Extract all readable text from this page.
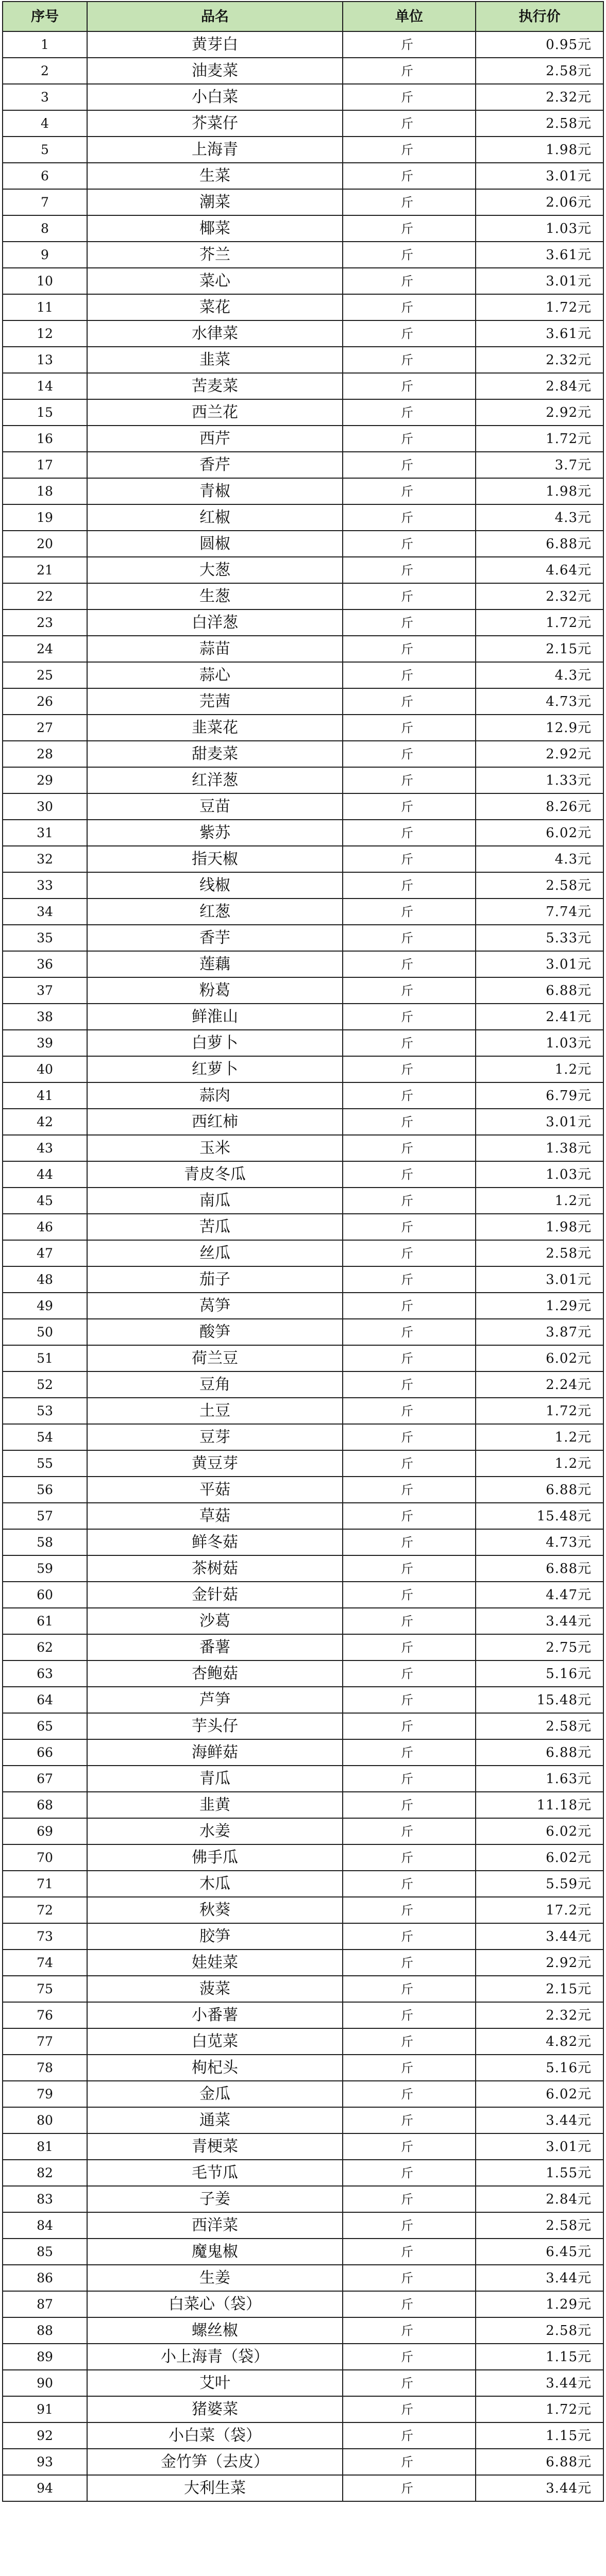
序号	品名	单位	执行价
1	黄芽白	斤	0.95元
2	油麦菜	斤	2.58元
3	小白菜	斤	2.32元
4	芥菜仔	斤	2.58元
5	上海青	斤	1.98元
6	生菜	斤	3.01元
7	潮菜	斤	2.06元
8	椰菜	斤	1.03元
9	芥兰	斤	3.61元
10	菜心	斤	3.01元
11	菜花	斤	1.72元
12	水律菜	斤	3.61元
13	韭菜	斤	2.32元
14	苦麦菜	斤	2.84元
15	西兰花	斤	2.92元
16	西芹	斤	1.72元
17	香芹	斤	3.7元
18	青椒	斤	1.98元
19	红椒	斤	4.3元
20	圆椒	斤	6.88元
21	大葱	斤	4.64元
22	生葱	斤	2.32元
23	白洋葱	斤	1.72元
24	蒜苗	斤	2.15元
25	蒜心	斤	4.3元
26	芫茜	斤	4.73元
27	韭菜花	斤	12.9元
28	甜麦菜	斤	2.92元
29	红洋葱	斤	1.33元
30	豆苗	斤	8.26元
31	紫苏	斤	6.02元
32	指天椒	斤	4.3元
33	线椒	斤	2.58元
34	红葱	斤	7.74元
35	香芋	斤	5.33元
36	莲藕	斤	3.01元
37	粉葛	斤	6.88元
38	鲜淮山	斤	2.41元
39	白萝卜	斤	1.03元
40	红萝卜	斤	1.2元
41	蒜肉	斤	6.79元
42	西红柿	斤	3.01元
43	玉米	斤	1.38元
44	青皮冬瓜	斤	1.03元
45	南瓜	斤	1.2元
46	苦瓜	斤	1.98元
47	丝瓜	斤	2.58元
48	茄子	斤	3.01元
49	莴笋	斤	1.29元
50	酸笋	斤	3.87元
51	荷兰豆	斤	6.02元
52	豆角	斤	2.24元
53	土豆	斤	1.72元
54	豆芽	斤	1.2元
55	黄豆芽	斤	1.2元
56	平菇	斤	6.88元
57	草菇	斤	15.48元
58	鲜冬菇	斤	4.73元
59	茶树菇	斤	6.88元
60	金针菇	斤	4.47元
61	沙葛	斤	3.44元
62	番薯	斤	2.75元
63	杏鲍菇	斤	5.16元
64	芦笋	斤	15.48元
65	芋头仔	斤	2.58元
66	海鲜菇	斤	6.88元
67	青瓜	斤	1.63元
68	韭黄	斤	11.18元
69	水姜	斤	6.02元
70	佛手瓜	斤	6.02元
71	木瓜	斤	5.59元
72	秋葵	斤	17.2元
73	胶笋	斤	3.44元
74	娃娃菜	斤	2.92元
75	菠菜	斤	2.15元
76	小番薯	斤	2.32元
77	白苋菜	斤	4.82元
78	枸杞头	斤	5.16元
79	金瓜	斤	6.02元
80	通菜	斤	3.44元
81	青梗菜	斤	3.01元
82	毛节瓜	斤	1.55元
83	子姜	斤	2.84元
84	西洋菜	斤	2.58元
85	魔鬼椒	斤	6.45元
86	生姜	斤	3.44元
87	白菜心（袋）	斤	1.29元
88	螺丝椒	斤	2.58元
89	小上海青（袋）	斤	1.15元
90	艾叶	斤	3.44元
91	猪婆菜	斤	1.72元
92	小白菜（袋）	斤	1.15元
93	金竹笋（去皮）	斤	6.88元
94	大利生菜	斤	3.44元
